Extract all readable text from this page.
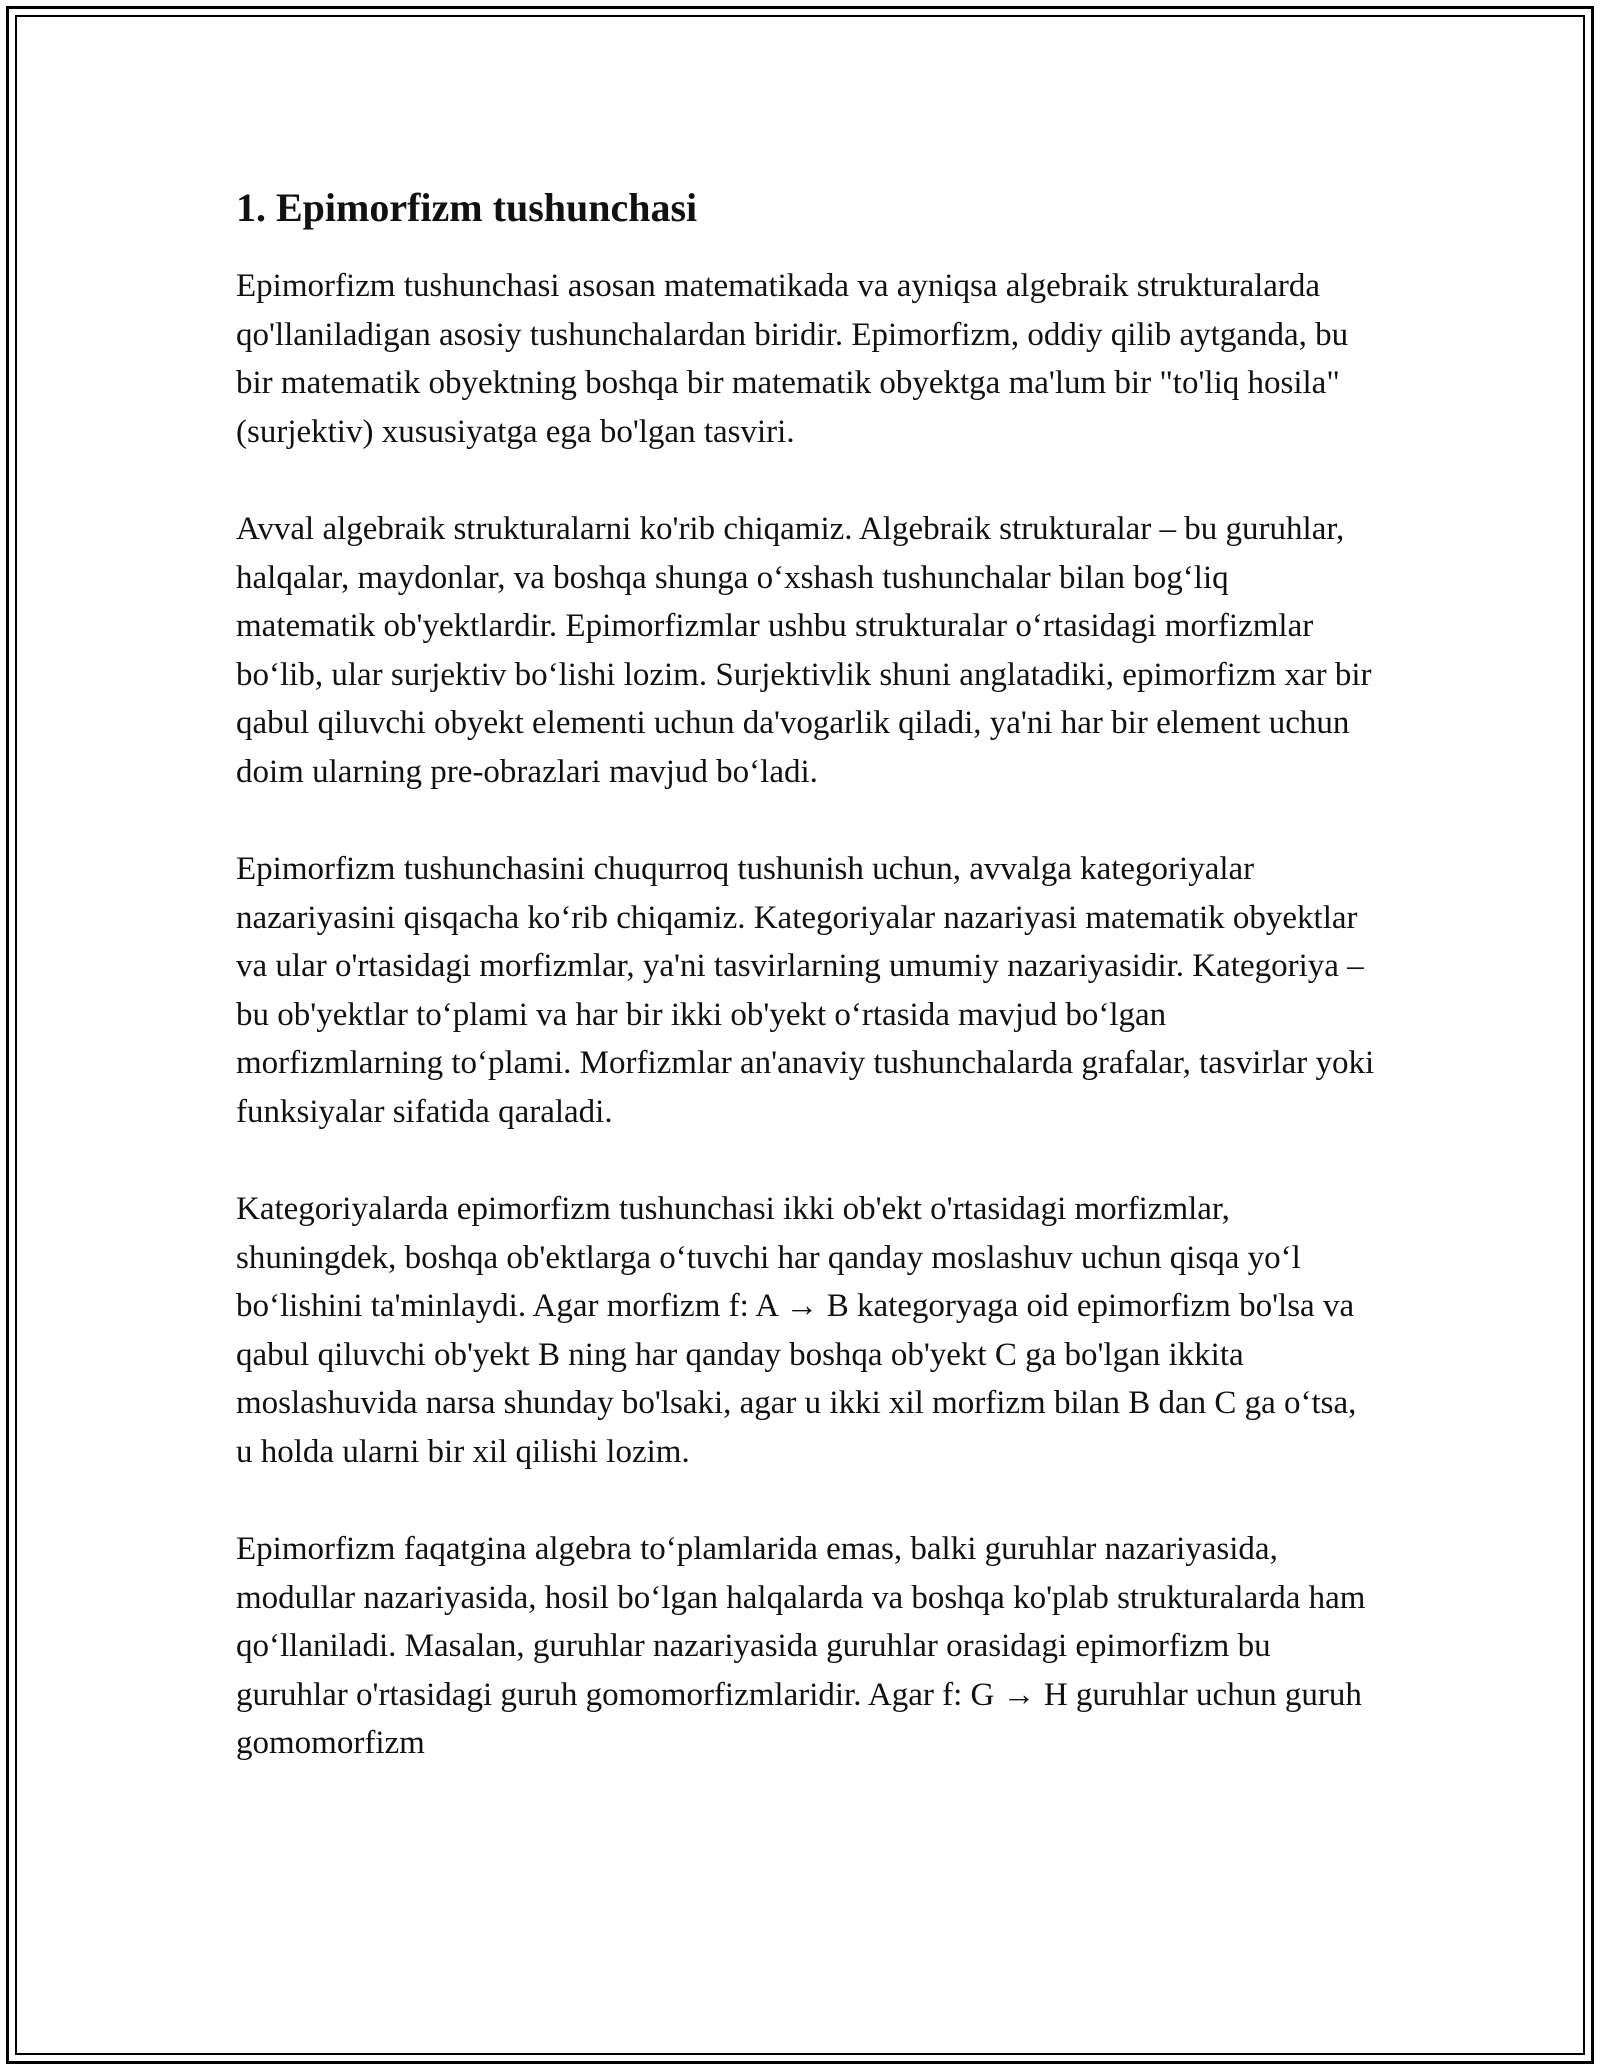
1. Epimorfizm tushunchasi

Epimorfizm tushunchasi asosan matematikada va ayniqsa algebraik strukturalarda qo'llaniladigan asosiy tushunchalardan biridir. Epimorfizm, oddiy qilib aytganda, bu bir matematik obyektning boshqa bir matematik obyektga ma'lum bir "to'liq hosila" (surjektiv) xususiyatga ega bo'lgan tasviri.

Avval algebraik strukturalarni ko'rib chiqamiz. Algebraik strukturalar – bu guruhlar, halqalar, maydonlar, va boshqa shunga o‘xshash tushunchalar bilan bog‘liq matematik ob'yektlardir. Epimorfizmlar ushbu strukturalar o‘rtasidagi morfizmlar bo‘lib, ular surjektiv bo‘lishi lozim. Surjektivlik shuni anglatadiki, epimorfizm xar bir qabul qiluvchi obyekt elementi uchun da'vogarlik qiladi, ya'ni har bir element uchun doim ularning pre-obrazlari mavjud bo‘ladi.

Epimorfizm tushunchasini chuqurroq tushunish uchun, avvalga kategoriyalar nazariyasini qisqacha ko‘rib chiqamiz. Kategoriyalar nazariyasi matematik obyektlar va ular o'rtasidagi morfizmlar, ya'ni tasvirlarning umumiy nazariyasidir. Kategoriya – bu ob'yektlar to‘plami va har bir ikki ob'yekt o‘rtasida mavjud bo‘lgan morfizmlarning to‘plami. Morfizmlar an'anaviy tushunchalarda grafalar, tasvirlar yoki funksiyalar sifatida qaraladi.

Kategoriyalarda epimorfizm tushunchasi ikki ob'ekt o'rtasidagi morfizmlar, shuningdek, boshqa ob'ektlarga o‘tuvchi har qanday moslashuv uchun qisqa yo‘l bo‘lishini ta'minlaydi. Agar morfizm f: A → B kategoryaga oid epimorfizm bo'lsa va qabul qiluvchi ob'yekt B ning har qanday boshqa ob'yekt C ga bo'lgan ikkita moslashuvida narsa shunday bo'lsaki, agar u ikki xil morfizm bilan B dan C ga o‘tsa, u holda ularni bir xil qilishi lozim.

Epimorfizm faqatgina algebra to‘plamlarida emas, balki guruhlar nazariyasida, modullar nazariyasida, hosil bo‘lgan halqalarda va boshqa ko'plab strukturalarda ham qo‘llaniladi. Masalan, guruhlar nazariyasida guruhlar orasidagi epimorfizm bu guruhlar o'rtasidagi guruh gomomorfizmlaridir. Agar f: G → H guruhlar uchun guruh gomomorfizm
